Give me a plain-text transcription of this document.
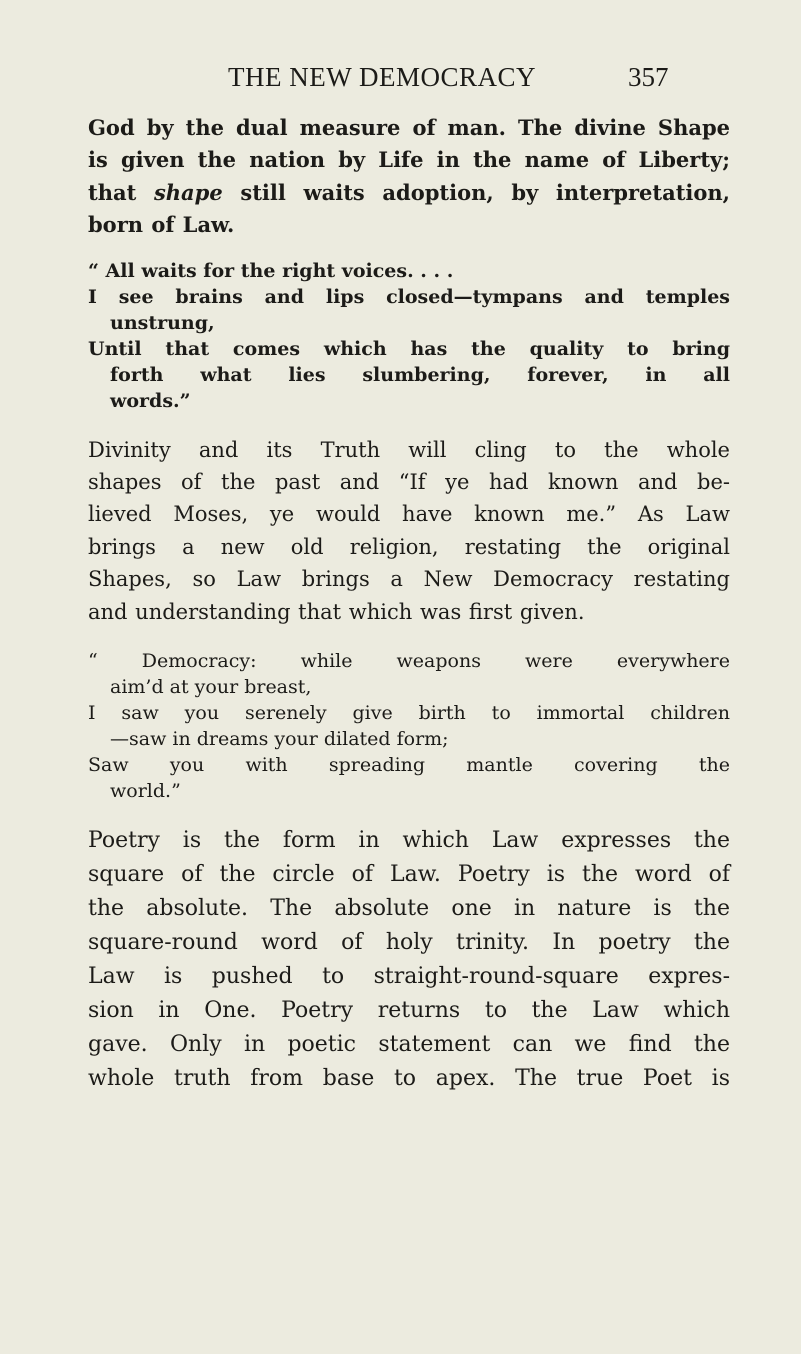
THE NEW DEMOCRACY	357

God by the dual measure of man. The divine Shape
is given the nation by Life in the name of Liberty;
that shape still waits adoption, by interpretation,
born of Law.

“ All waits for the right voices. . . .
I see brains and lips closed—tympans and temples
unstrung,
Until that comes which has the quality to bring
forth what lies slumbering, forever, in all
words.”

Divinity and its Truth will cling to the whole
shapes of the past and “If ye had known and be-
lieved Moses, ye would have known me.” As Law
brings a new old religion, restating the original
Shapes, so Law brings a New Democracy restating
and understanding that which was first given.

“ Democracy: while weapons were everywhere
aim’d at your breast,
I saw you serenely give birth to immortal children
—saw in dreams your dilated form;
Saw you with spreading mantle covering the
world.”

Poetry is the form in which Law expresses the
square of the circle of Law. Poetry is the word of
the absolute. The absolute one in nature is the
square-round word of holy trinity. In poetry the
Law is pushed to straight-round-square expres-
sion in One. Poetry returns to the Law which
gave. Only in poetic statement can we find the
whole truth from base to apex. The true Poet is
